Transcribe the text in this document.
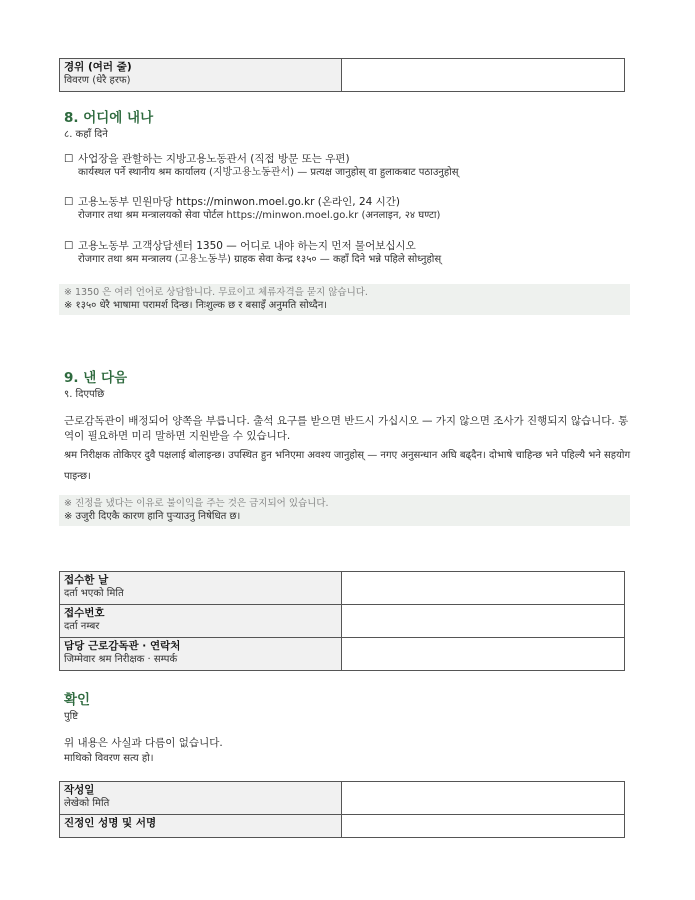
경위 (여러 줄)
विवरण (धेरै हरफ)

8. 어디에 내나
८. कहाँ दिने
☐ 사업장을 관할하는 지방고용노동관서 (직접 방문 또는 우편)
कार्यस्थल पर्ने स्थानीय श्रम कार्यालय (지방고용노동관서) — प्रत्यक्ष जानुहोस् वा हुलाकबाट पठाउनुहोस्
☐ 고용노동부 민원마당 https://minwon.moel.go.kr (온라인, 24 시간)
रोजगार तथा श्रम मन्त्रालयको सेवा पोर्टल https://minwon.moel.go.kr (अनलाइन, २४ घण्टा)
☐ 고용노동부 고객상담센터 1350 — 어디로 내야 하는지 먼저 물어보십시오
रोजगार तथा श्रम मन्त्रालय (고용노동부) ग्राहक सेवा केन्द्र १३५० — कहाँ दिने भन्ने पहिले सोध्नुहोस्
※ 1350 은 여러 언어로 상담합니다. 무료이고 체류자격을 묻지 않습니다.
※ १३५० धेरै भाषामा परामर्श दिन्छ। निःशुल्क छ र बसाइँ अनुमति सोध्दैन।
9. 낸 다음
९. दिएपछि
근로감독관이 배정되어 양쪽을 부릅니다. 출석 요구를 받으면 반드시 가십시오 — 가지 않으면 조사가 진행되지 않습니다. 통역이 필요하면 미리 말하면 지원받을 수 있습니다.
श्रम निरीक्षक तोकिएर दुवै पक्षलाई बोलाइन्छ। उपस्थित हुन भनिएमा अवश्य जानुहोस् — नगए अनुसन्धान अघि बढ्दैन। दोभाषे चाहिन्छ भने पहिल्यै भने सहयोग पाइन्छ।
※ 진정을 냈다는 이유로 불이익을 주는 것은 금지되어 있습니다.
※ उजुरी दिएकै कारण हानि पुऱ्याउनु निषेधित छ।
접수한 날
दर्ता भएको मिति	

접수번호
दर्ता नम्बर	

담당 근로감독관 · 연락처
जिम्मेवार श्रम निरीक्षक · सम्पर्क	

확인
पुष्टि
위 내용은 사실과 다름이 없습니다.
माथिको विवरण सत्य हो।
작성일
लेखेको मिति	

진정인 성명 및 서명	
